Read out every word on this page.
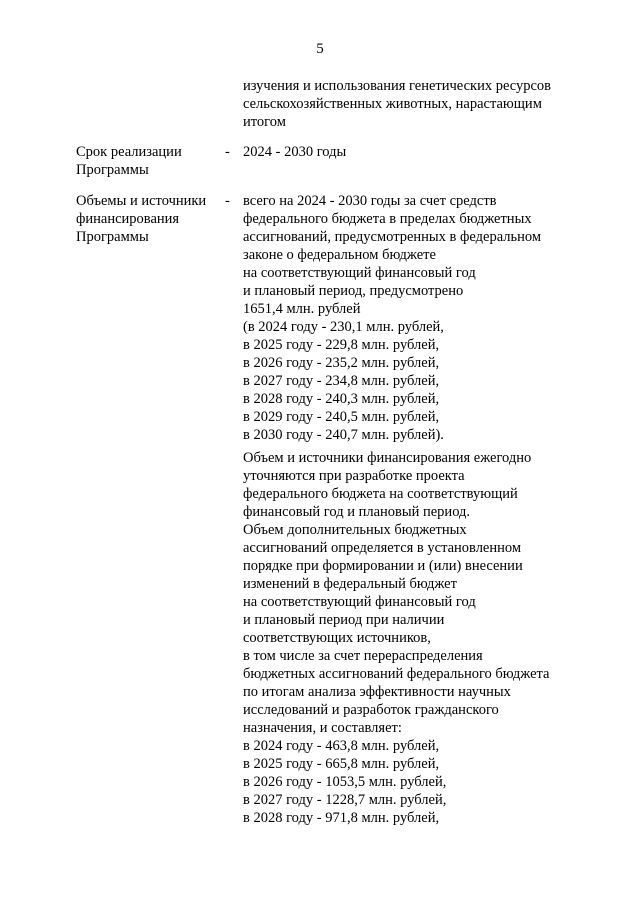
5
изучения и использования генетических ресурсов
сельскохозяйственных животных, нарастающим
итогом
Срок реализации
Программы
- 2024 - 2030 годы
Объемы и источники
финансирования
Программы
- всего на 2024 - 2030 годы за счет средств
федерального бюджета в пределах бюджетных
ассигнований, предусмотренных в федеральном
законе о федеральном бюджете
на соответствующий финансовый год
и плановый период, предусмотрено
1651,4 млн. рублей
(в 2024 году - 230,1 млн. рублей,
в 2025 году - 229,8 млн. рублей,
в 2026 году - 235,2 млн. рублей,
в 2027 году - 234,8 млн. рублей,
в 2028 году - 240,3 млн. рублей,
в 2029 году - 240,5 млн. рублей,
в 2030 году - 240,7 млн. рублей).
Объем и источники финансирования ежегодно
уточняются при разработке проекта
федерального бюджета на соответствующий
финансовый год и плановый период.
Объем дополнительных бюджетных
ассигнований определяется в установленном
порядке при формировании и (или) внесении
изменений в федеральный бюджет
на соответствующий финансовый год
и плановый период при наличии
соответствующих источников,
в том числе за счет перераспределения
бюджетных ассигнований федерального бюджета
по итогам анализа эффективности научных
исследований и разработок гражданского
назначения, и составляет:
в 2024 году - 463,8 млн. рублей,
в 2025 году - 665,8 млн. рублей,
в 2026 году - 1053,5 млн. рублей,
в 2027 году - 1228,7 млн. рублей,
в 2028 году - 971,8 млн. рублей,
